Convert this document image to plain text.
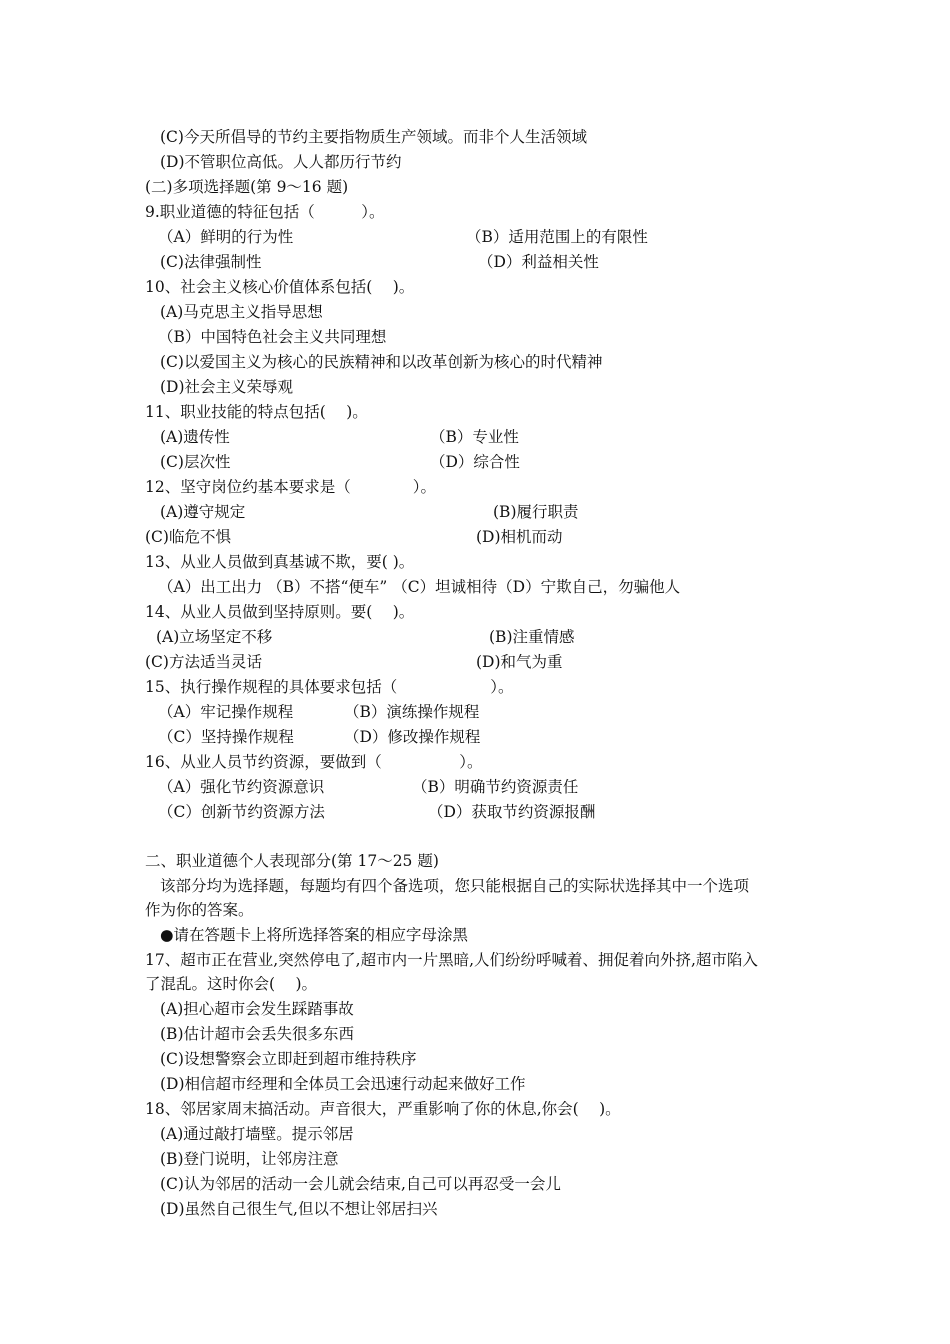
(C)今天所倡导的节约主要指物质生产领域。而非个人生活领域
(D)不管职位高低。人人都历行节约
(二)多项选择题(第 9～16 题)
9.职业道德的特征包括（　　　）。
（A）鲜明的行为性	（B）适用范围上的有限性
(C)法律强制性	（D）利益相关性
10、社会主义核心价值体系包括(　 )。
(A)马克思主义指导思想
（B）中国特色社会主义共同理想
(C)以爱国主义为核心的民族精神和以改革创新为核心的时代精神
(D)社会主义荣辱观
11、职业技能的特点包括(　 )。
(A)遗传性	（B）专业性
(C)层次性	（D）综合性
12、坚守岗位约基本要求是（　　　　）。
(A)遵守规定	(B)履行职责
(C)临危不惧	(D)相机而动
13、从业人员做到真基诚不欺，要( )。
（A）出工出力 （B）不搭“便车” （C）坦诚相待（D）宁欺自己，勿骗他人
14、从业人员做到坚持原则。要(　 )。
(A)立场坚定不移	(B)注重情感
(C)方法适当灵话	(D)和气为重
15、执行操作规程的具体要求包括（　　　　　　）。
（A）牢记操作规程	（B）演练操作规程
（C）坚持操作规程	（D）修改操作规程
16、从业人员节约资源，要做到（　　　　　）。
（A）强化节约资源意识	（B）明确节约资源责任
（C）创新节约资源方法	（D）获取节约资源报酬
二、职业道德个人表现部分(第 17～25 题)
该部分均为选择题，每题均有四个备选项，您只能根据自己的实际状选择其中一个选项
作为你的答案。
●请在答题卡上将所选择答案的相应字母涂黑
17、超市正在营业,突然停电了,超市内一片黑暗,人们纷纷呼喊着、拥促着向外挤,超市陷入
了混乱。这时你会(　 )。
(A)担心超市会发生踩踏事故
(B)估计超市会丢失很多东西
(C)设想警察会立即赶到超市维持秩序
(D)相信超市经理和全体员工会迅速行动起来做好工作
18、邻居家周末搞活动。声音很大，严重影响了你的休息,你会(　 )。
(A)通过敲打墙壁。提示邻居
(B)登门说明，让邻房注意
(C)认为邻居的活动一会儿就会结束,自己可以再忍受一会儿
(D)虽然自己很生气,但以不想让邻居扫兴
